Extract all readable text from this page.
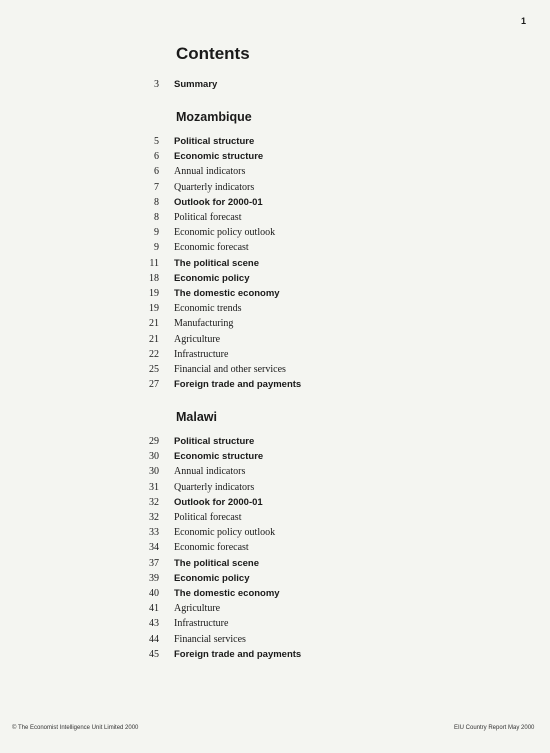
1
Contents
3 Summary
Mozambique
5 Political structure
6 Economic structure
6 Annual indicators
7 Quarterly indicators
8 Outlook for 2000-01
8 Political forecast
9 Economic policy outlook
9 Economic forecast
11 The political scene
18 Economic policy
19 The domestic economy
19 Economic trends
21 Manufacturing
21 Agriculture
22 Infrastructure
25 Financial and other services
27 Foreign trade and payments
Malawi
29 Political structure
30 Economic structure
30 Annual indicators
31 Quarterly indicators
32 Outlook for 2000-01
32 Political forecast
33 Economic policy outlook
34 Economic forecast
37 The political scene
39 Economic policy
40 The domestic economy
41 Agriculture
43 Infrastructure
44 Financial services
45 Foreign trade and payments
© The Economist Intelligence Unit Limited 2000	EIU Country Report May 2000
